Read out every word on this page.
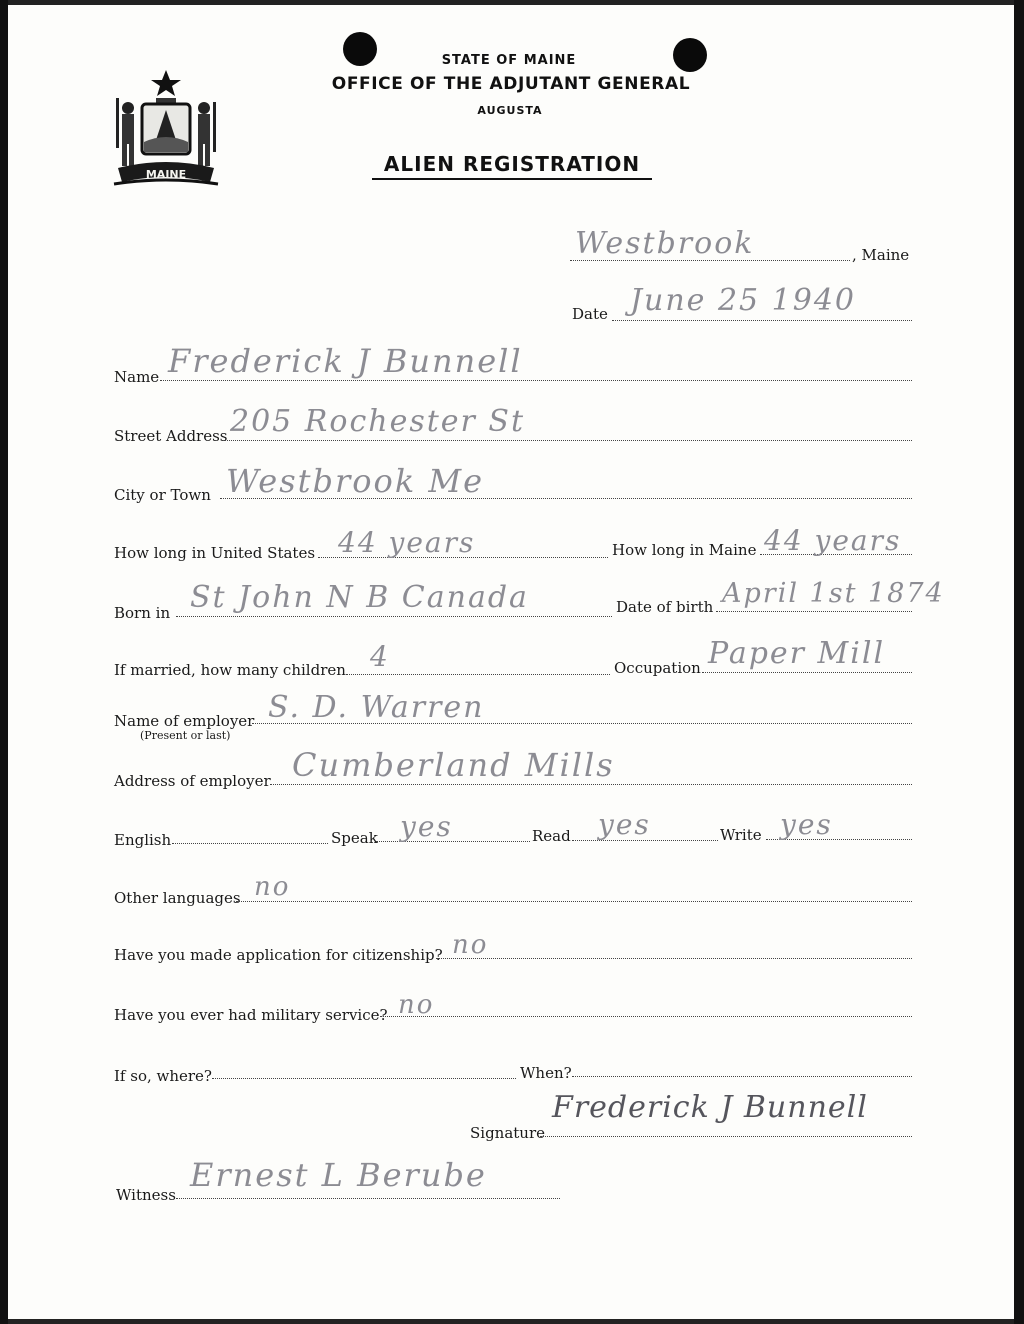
MAINE
STATE OF MAINE
OFFICE OF THE ADJUTANT GENERAL
AUGUSTA
ALIEN REGISTRATION
Westbrook	, Maine
Date June 25 1940
Name Frederick J Bunnell
Street Address 205 Rochester St
City or Town Westbrook Me
How long in United States 44 years	How long in Maine 44 years
Born in St John N B Canada	Date of birth April 1st 1874
If married, how many children 4	Occupation Paper Mill
Name of employer
(Present or last)
S. D. Warren
Address of employer Cumberland Mills
English	Speak yes	Read yes	Write yes
Other languages no
Have you made application for citizenship? no
Have you ever had military service? no
If so, where?	When?
Signature
Frederick J Bunnell
Witness
Ernest L Berube
